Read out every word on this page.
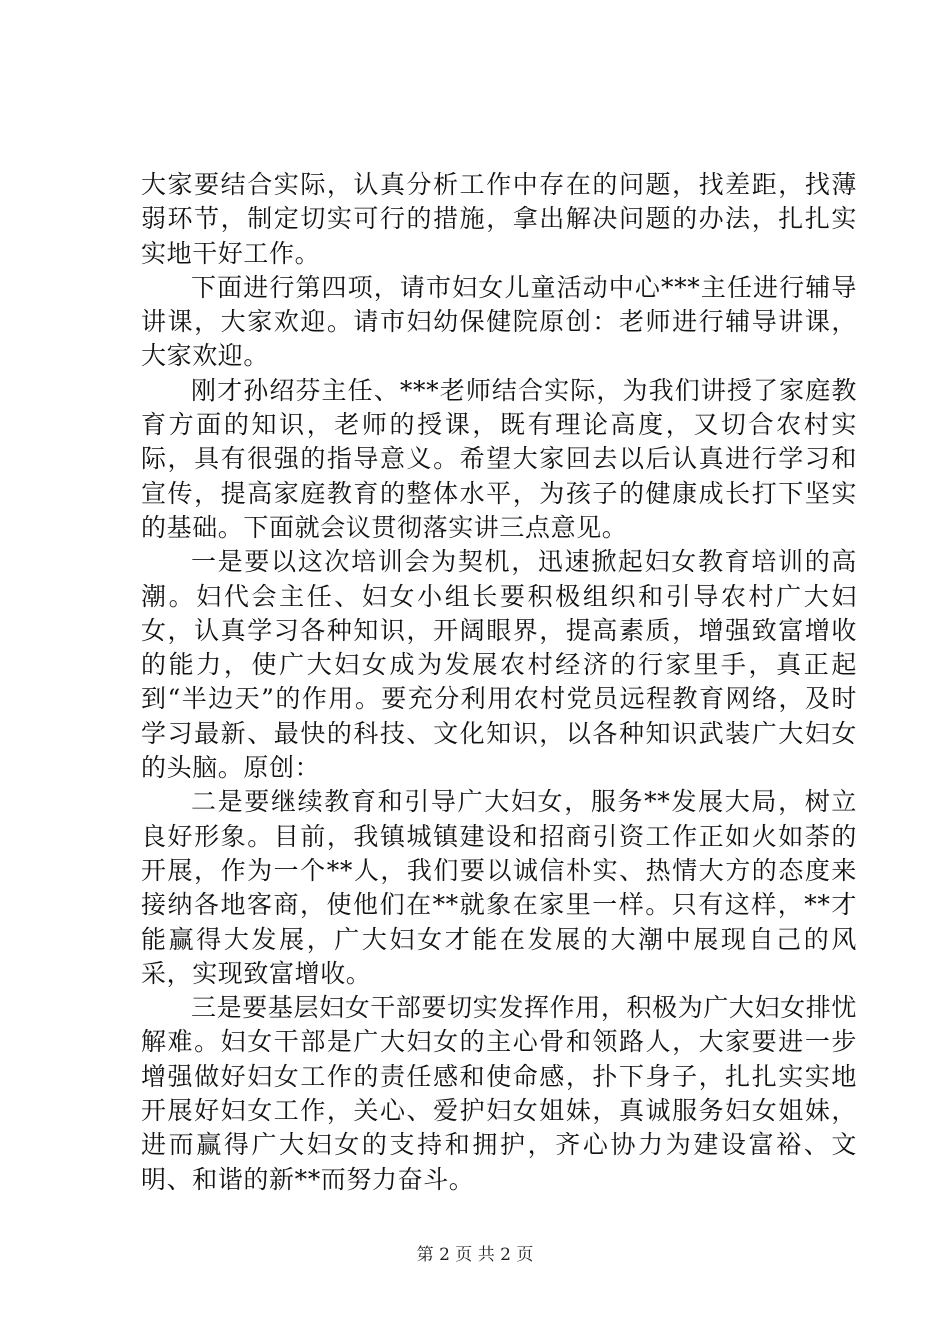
大家要结合实际，认真分析工作中存在的问题，找差距，找薄弱环节，制定切实可行的措施，拿出解决问题的办法，扎扎实实地干好工作。

下面进行第四项，请市妇女儿童活动中心***主任进行辅导讲课，大家欢迎。请市妇幼保健院原创：老师进行辅导讲课，大家欢迎。

刚才孙绍芬主任、***老师结合实际，为我们讲授了家庭教育方面的知识，老师的授课，既有理论高度，又切合农村实际，具有很强的指导意义。希望大家回去以后认真进行学习和宣传，提高家庭教育的整体水平，为孩子的健康成长打下坚实的基础。下面就会议贯彻落实讲三点意见。

一是要以这次培训会为契机，迅速掀起妇女教育培训的高潮。妇代会主任、妇女小组长要积极组织和引导农村广大妇女，认真学习各种知识，开阔眼界，提高素质，增强致富增收的能力，使广大妇女成为发展农村经济的行家里手，真正起到“半边天”的作用。要充分利用农村党员远程教育网络，及时学习最新、最快的科技、文化知识，以各种知识武装广大妇女的头脑。原创：

二是要继续教育和引导广大妇女，服务**发展大局，树立良好形象。目前，我镇城镇建设和招商引资工作正如火如荼的开展，作为一个**人，我们要以诚信朴实、热情大方的态度来接纳各地客商，使他们在**就象在家里一样。只有这样，**才能赢得大发展，广大妇女才能在发展的大潮中展现自己的风采，实现致富增收。

三是要基层妇女干部要切实发挥作用，积极为广大妇女排忧解难。妇女干部是广大妇女的主心骨和领路人，大家要进一步增强做好妇女工作的责任感和使命感，扑下身子，扎扎实实地开展好妇女工作，关心、爱护妇女姐妹，真诚服务妇女姐妹，进而赢得广大妇女的支持和拥护，齐心协力为建设富裕、文明、和谐的新**而努力奋斗。

第 2 页 共 2 页
